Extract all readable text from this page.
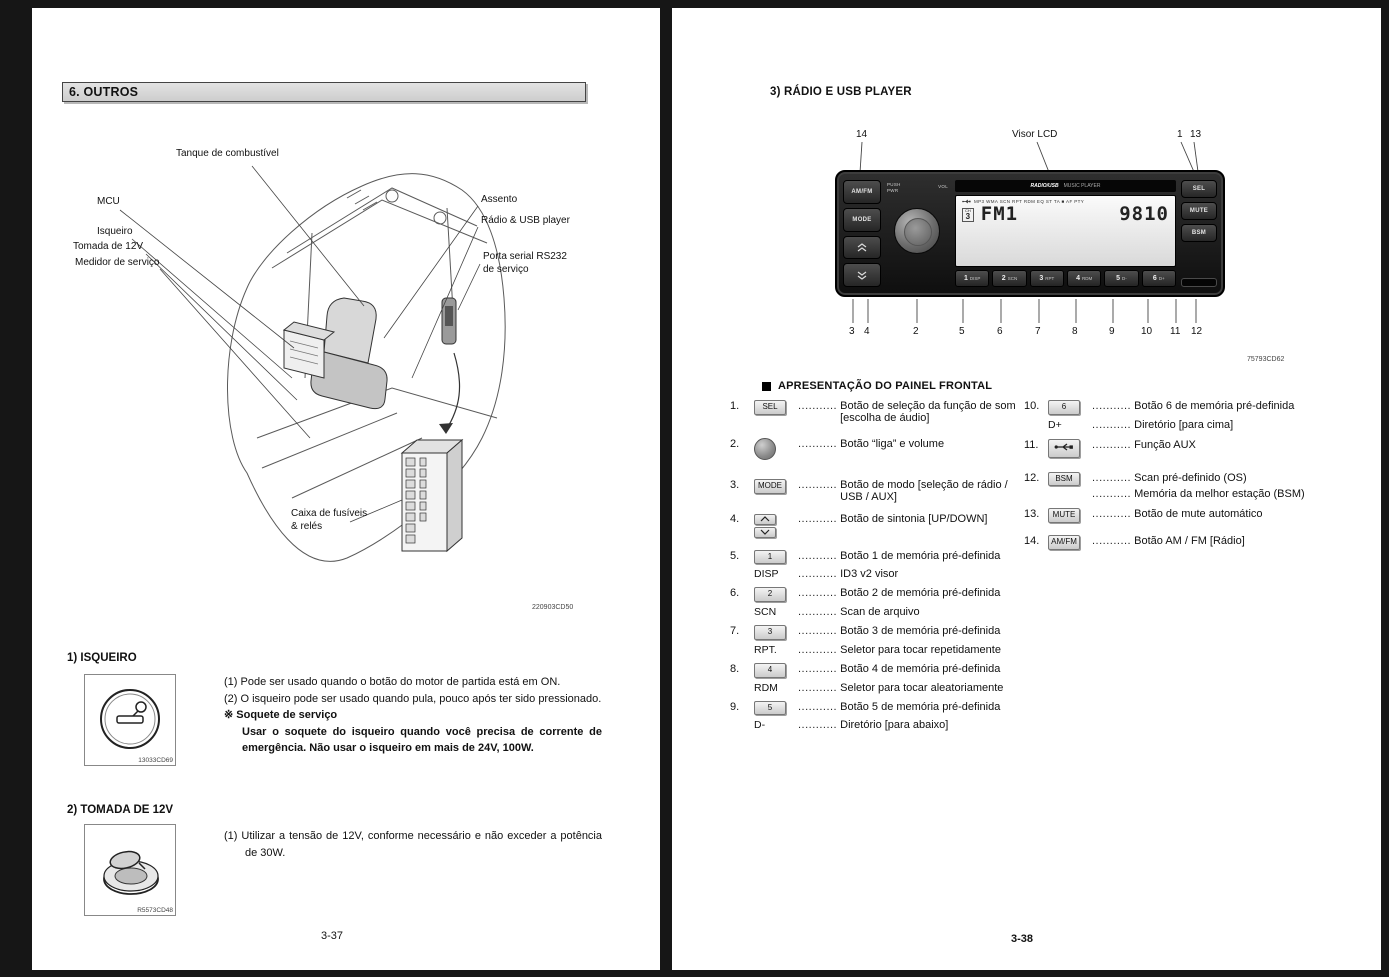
6. OUTROS
Tanque de combustível
MCU
Isqueiro
Tomada de 12V
Medidor de serviço
Assento
Rádio & USB player
Porta serial RS232
de serviço
Caixa de fusíveis
& relés
220903CD50
1) ISQUEIRO
13033CD69
(1) Pode ser usado quando o botão do motor de partida está em ON.
(2) O isqueiro pode ser usado quando pula, pouco após ter sido pressionado.
※ Soquete de serviço
Usar o soquete do isqueiro quando você precisa de corrente de emergência. Não usar o isqueiro em mais de 24V, 100W.
2) TOMADA DE 12V
R5573CD48
(1) Utilizar a tensão de 12V, conforme necessário e não exceder a potência de 30W.
3-37
3) RÁDIO E USB PLAYER
14	Visor LCD	1 13
AM/FM
MODE
PUSH
PWR
VOL	RADIO/USB MUSIC PLAYER
MP3 WMA SCN RPT RDM EQ ST TA ■ AF PTY
CH
3 FM1	9810
1 DISP	2 SCN	3 RPT	4 RDM	5 D-	6 D+
SEL
MUTE
BSM
3 4	2	5	6	7	8	9	10 11 12
75793CD62
APRESENTAÇÃO DO PAINEL FRONTAL
1.	SEL	........... Botão de seleção da função de som [escolha de áudio]
2.	........... Botão “liga” e volume
3.	MODE	........... Botão de modo [seleção de rádio / USB / AUX]
4.	........... Botão de sintonia [UP/DOWN]
5.	1	........... Botão 1 de memória pré-definida
DISP	........... ID3 v2 visor
6.	2	........... Botão 2 de memória pré-definida
SCN	........... Scan de arquivo
7.	3	........... Botão 3 de memória pré-definida
RPT.	........... Seletor para tocar repetidamente
8.	4	........... Botão 4 de memória pré-definida
RDM	........... Seletor para tocar aleatoriamente
9.	5	........... Botão 5 de memória pré-definida
D-	........... Diretório [para abaixo]
10.	6	........... Botão 6 de memória pré-definida
D+	........... Diretório [para cima]
11.	........... Função AUX
12.	BSM	........... Scan pré-definido (OS)
........... Memória da melhor estação (BSM)
13.	MUTE	........... Botão de mute automático
14.	AM/FM	........... Botão AM / FM [Rádio]
3-38
